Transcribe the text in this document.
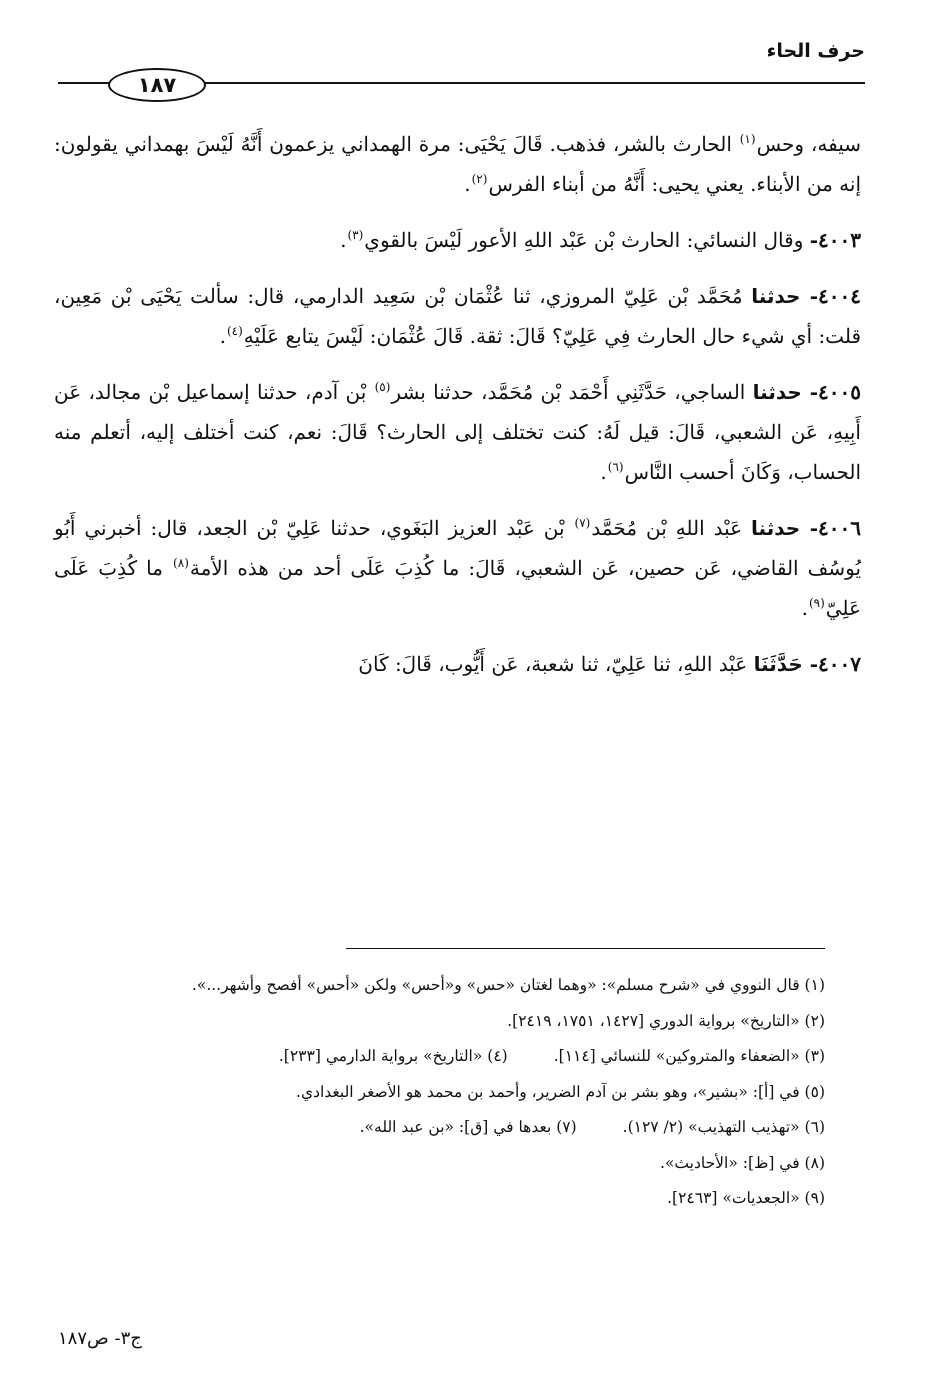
حرف الحاء
١٨٧

سيفه، وحس$^{(١)}$ الحارث بالشر، فذهب. قَالَ يَحْيَى: مرة الهمداني يزعمون أَنَّهُ لَيْسَ بهمداني يقولون: إنه من الأبناء. يعني يحيى: أَنَّهُ من أبناء الفرس$^{(٢)}$.

٤٠٠٣- وقال النسائي: الحارث بْن عَبْد اللهِ الأعور لَيْسَ بالقوي$^{(٣)}$.

٤٠٠٤- حدثنا مُحَمَّد بْن عَلِيّ المروزي، ثنا عُثْمَان بْن سَعِيد الدارمي، قال: سألت يَحْيَى بْن مَعِين، قلت: أي شيء حال الحارث فِي عَلِيّ؟ قَالَ: ثقة. قَالَ عُثْمَان: لَيْسَ يتابع عَلَيْهِ$^{(٤)}$.

٤٠٠٥- حدثنا الساجي، حَدَّثَنِي أَحْمَد بْن مُحَمَّد، حدثنا بشر$^{(٥)}$ بْن آدم، حدثنا إسماعيل بْن مجالد، عَن أَبِيهِ، عَن الشعبي، قَالَ: قيل لَهُ: كنت تختلف إلى الحارث؟ قَالَ: نعم، كنت أختلف إليه، أتعلم منه الحساب، وَكَانَ أحسب النَّاس$^{(٦)}$.

٤٠٠٦- حدثنا عَبْد اللهِ بْن مُحَمَّد$^{(٧)}$ بْن عَبْد العزيز البَغَوي، حدثنا عَلِيّ بْن الجعد، قال: أخبرني أَبُو يُوسُف القاضي، عَن حصين، عَن الشعبي، قَالَ: ما كُذِبَ عَلَى أحد من هذه الأمة$^{(٨)}$ ما كُذِبَ عَلَى عَلِيّ$^{(٩)}$.

٤٠٠٧- حَدَّثَنَا عَبْد اللهِ، ثنا عَلِيّ، ثنا شعبة، عَن أَيُّوب، قَالَ: كَانَ

(١) قال النووي في «شرح مسلم»: «وهما لغتان «حس» و«أحس» ولكن «أحس» أفصح وأشهر...».
(٢) «التاريخ» برواية الدوري [١٤٢٧، ١٧٥١، ٢٤١٩].
(٣) «الضعفاء والمتروكين» للنسائي [١١٤].(٤) «التاريخ» برواية الدارمي [٢٣٣].
(٥) في [أ]: «بشير»، وهو بشر بن آدم الضرير، وأحمد بن محمد هو الأصغر البغدادي.
(٦) «تهذيب التهذيب» (٢/ ١٢٧).(٧) بعدها في [ق]: «بن عبد الله».
(٨) في [ظ]: «الأحاديث».
(٩) «الجعديات» [٢٤٦٣].
ج٣- ص١٨٧
